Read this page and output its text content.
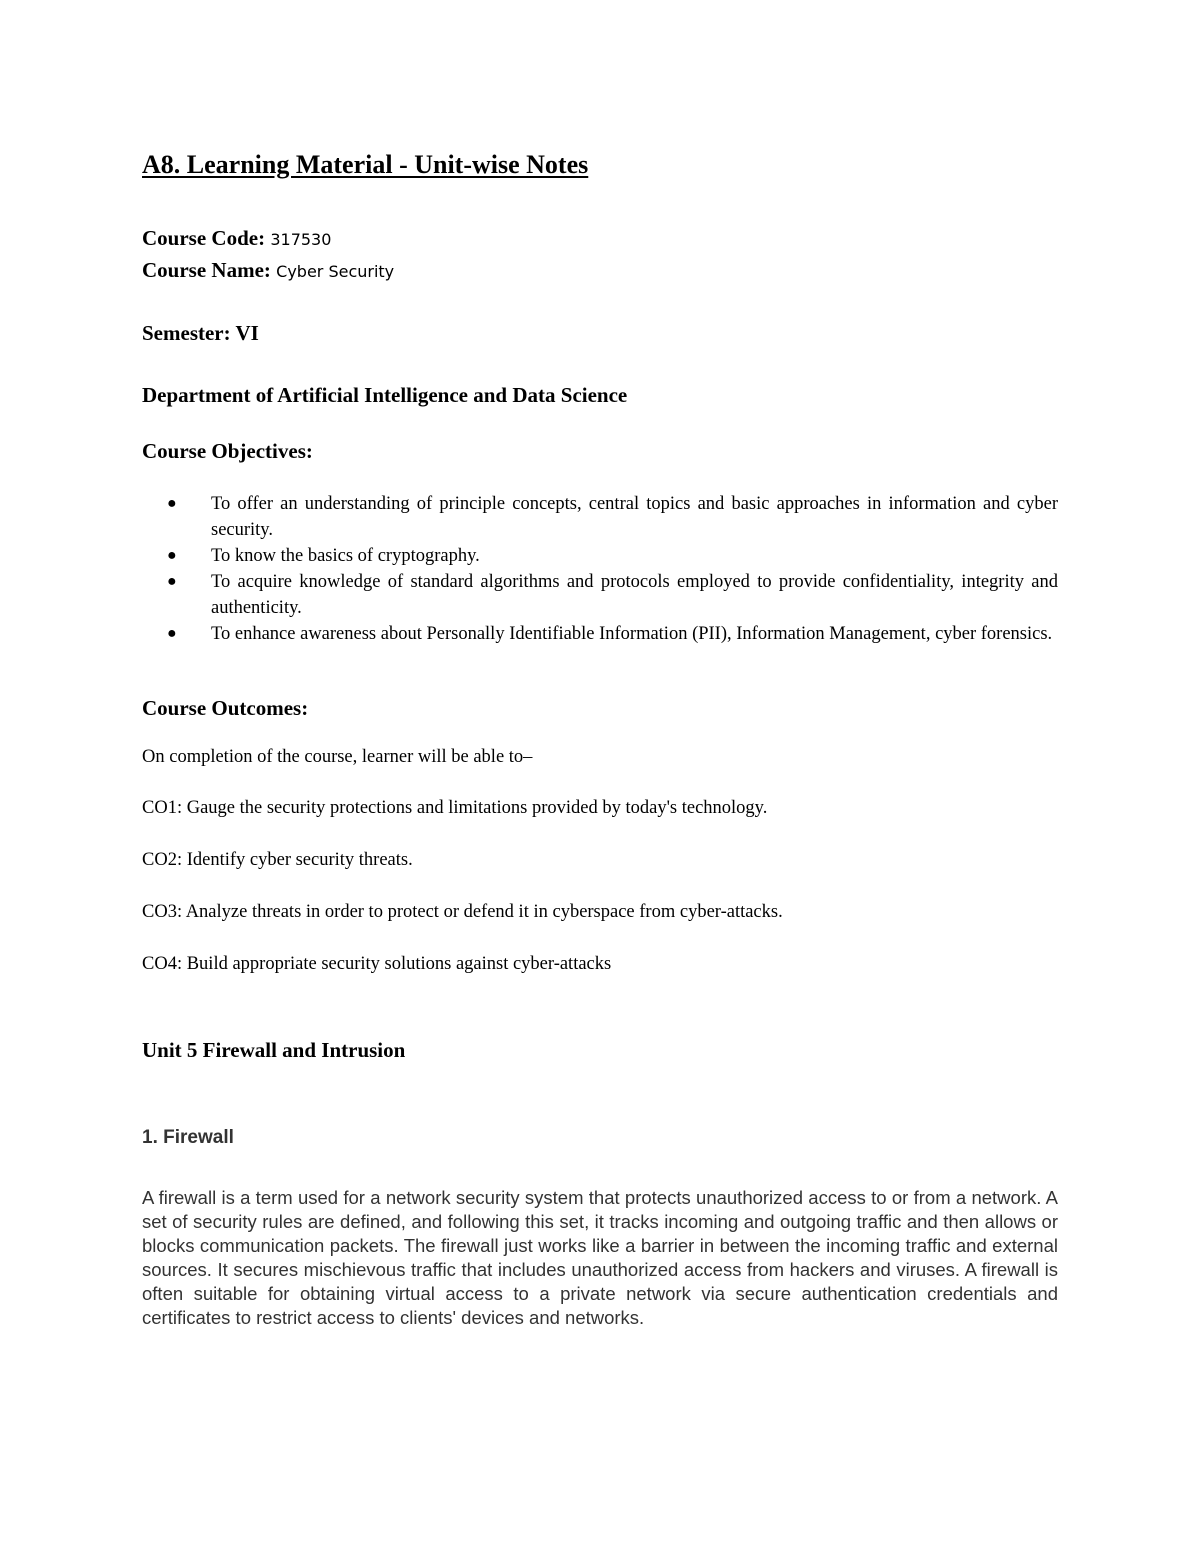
A8. Learning Material - Unit-wise Notes
Course Code: 317530
Course Name: Cyber Security
Semester: VI
Department of Artificial Intelligence and Data Science
Course Objectives:
● To offer an understanding of principle concepts, central topics and basic approaches in information and cyber security.
● To know the basics of cryptography.
● To acquire knowledge of standard algorithms and protocols employed to provide confidentiality, integrity and authenticity.
● To enhance awareness about Personally Identifiable Information (PII), Information Management, cyber forensics.
Course Outcomes:
On completion of the course, learner will be able to–
CO1: Gauge the security protections and limitations provided by today's technology.
CO2: Identify cyber security threats.
CO3: Analyze threats in order to protect or defend it in cyberspace from cyber-attacks.
CO4: Build appropriate security solutions against cyber-attacks
Unit 5 Firewall and Intrusion
1. Firewall
A firewall is a term used for a network security system that protects unauthorized access to or from a network. A set of security rules are defined, and following this set, it tracks incoming and outgoing traffic and then allows or blocks communication packets. The firewall just works like a barrier in between the incoming traffic and external sources. It secures mischievous traffic that includes unauthorized access from hackers and viruses. A firewall is often suitable for obtaining virtual access to a private network via secure authentication credentials and certificates to restrict access to clients' devices and networks.
